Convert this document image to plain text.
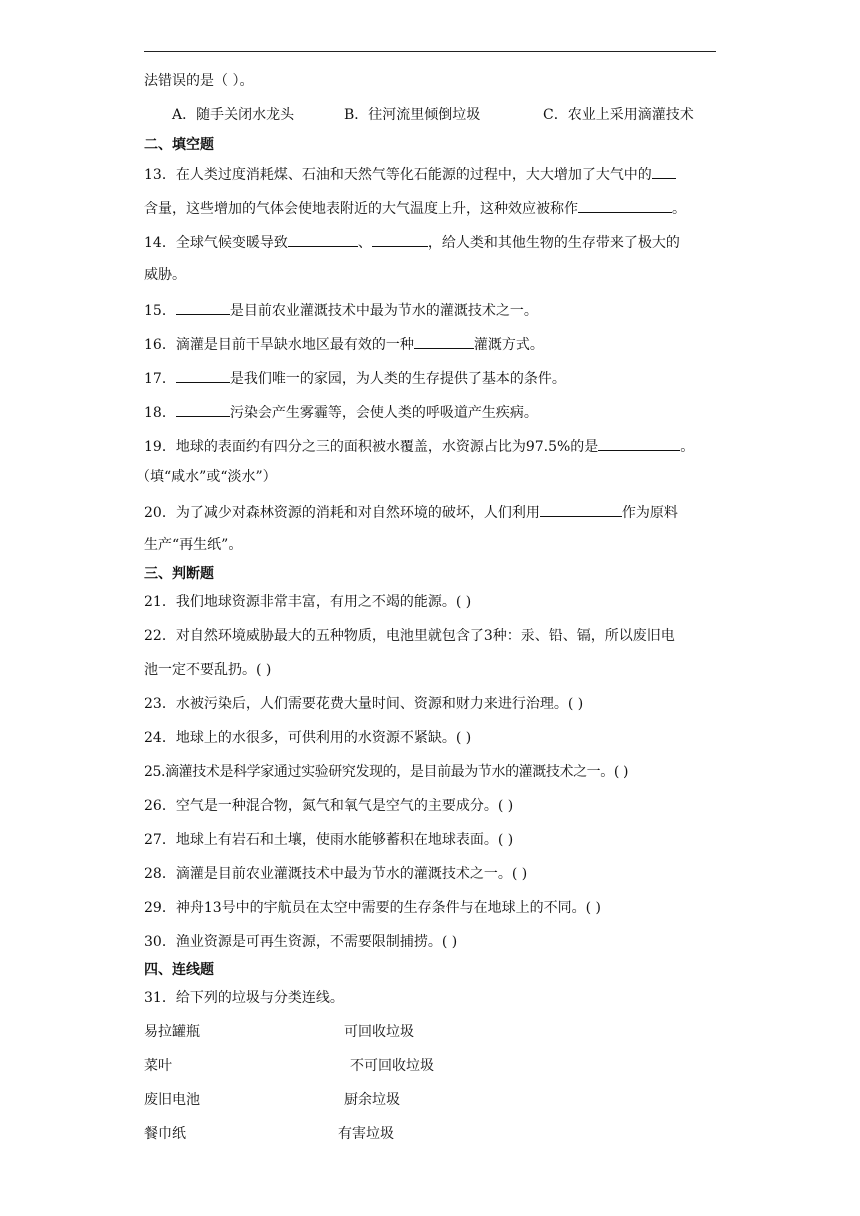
法错误的是（ ）。
A．随手关闭水龙头	B．往河流里倾倒垃圾	C．农业上采用滴灌技术
二、填空题
13．在人类过度消耗煤、石油和天然气等化石能源的过程中，大大增加了大气中的
含量，这些增加的气体会使地表附近的大气温度上升，这种效应被称作	。
14．全球气候变暖导致	、	，给人类和其他生物的生存带来了极大的
威胁。
15．	是目前农业灌溉技术中最为节水的灌溉技术之一。
16．滴灌是目前干旱缺水地区最有效的一种	灌溉方式。
17．	是我们唯一的家园，为人类的生存提供了基本的条件。
18．	污染会产生雾霾等，会使人类的呼吸道产生疾病。
19．地球的表面约有四分之三的面积被水覆盖，水资源占比为97.5%的是	。
（填“咸水”或“淡水”）
20．为了减少对森林资源的消耗和对自然环境的破坏，人们利用	作为原料
生产“再生纸”。
三、判断题
21．我们地球资源非常丰富，有用之不竭的能源。( )
22．对自然环境威胁最大的五种物质，电池里就包含了3种：汞、铅、镉，所以废旧电
池一定不要乱扔。( )
23．水被污染后，人们需要花费大量时间、资源和财力来进行治理。( )
24．地球上的水很多，可供利用的水资源不紧缺。( )
25.滴灌技术是科学家通过实验研究发现的，是目前最为节水的灌溉技术之一。( )
26．空气是一种混合物，氮气和氧气是空气的主要成分。( )
27．地球上有岩石和土壤，使雨水能够蓄积在地球表面。( )
28．滴灌是目前农业灌溉技术中最为节水的灌溉技术之一。( )
29．神舟13号中的宇航员在太空中需要的生存条件与在地球上的不同。( )
30．渔业资源是可再生资源，不需要限制捕捞。( )
四、连线题
31．给下列的垃圾与分类连线。
易拉罐瓶	可回收垃圾
菜叶	不可回收垃圾
废旧电池	厨余垃圾
餐巾纸	有害垃圾
